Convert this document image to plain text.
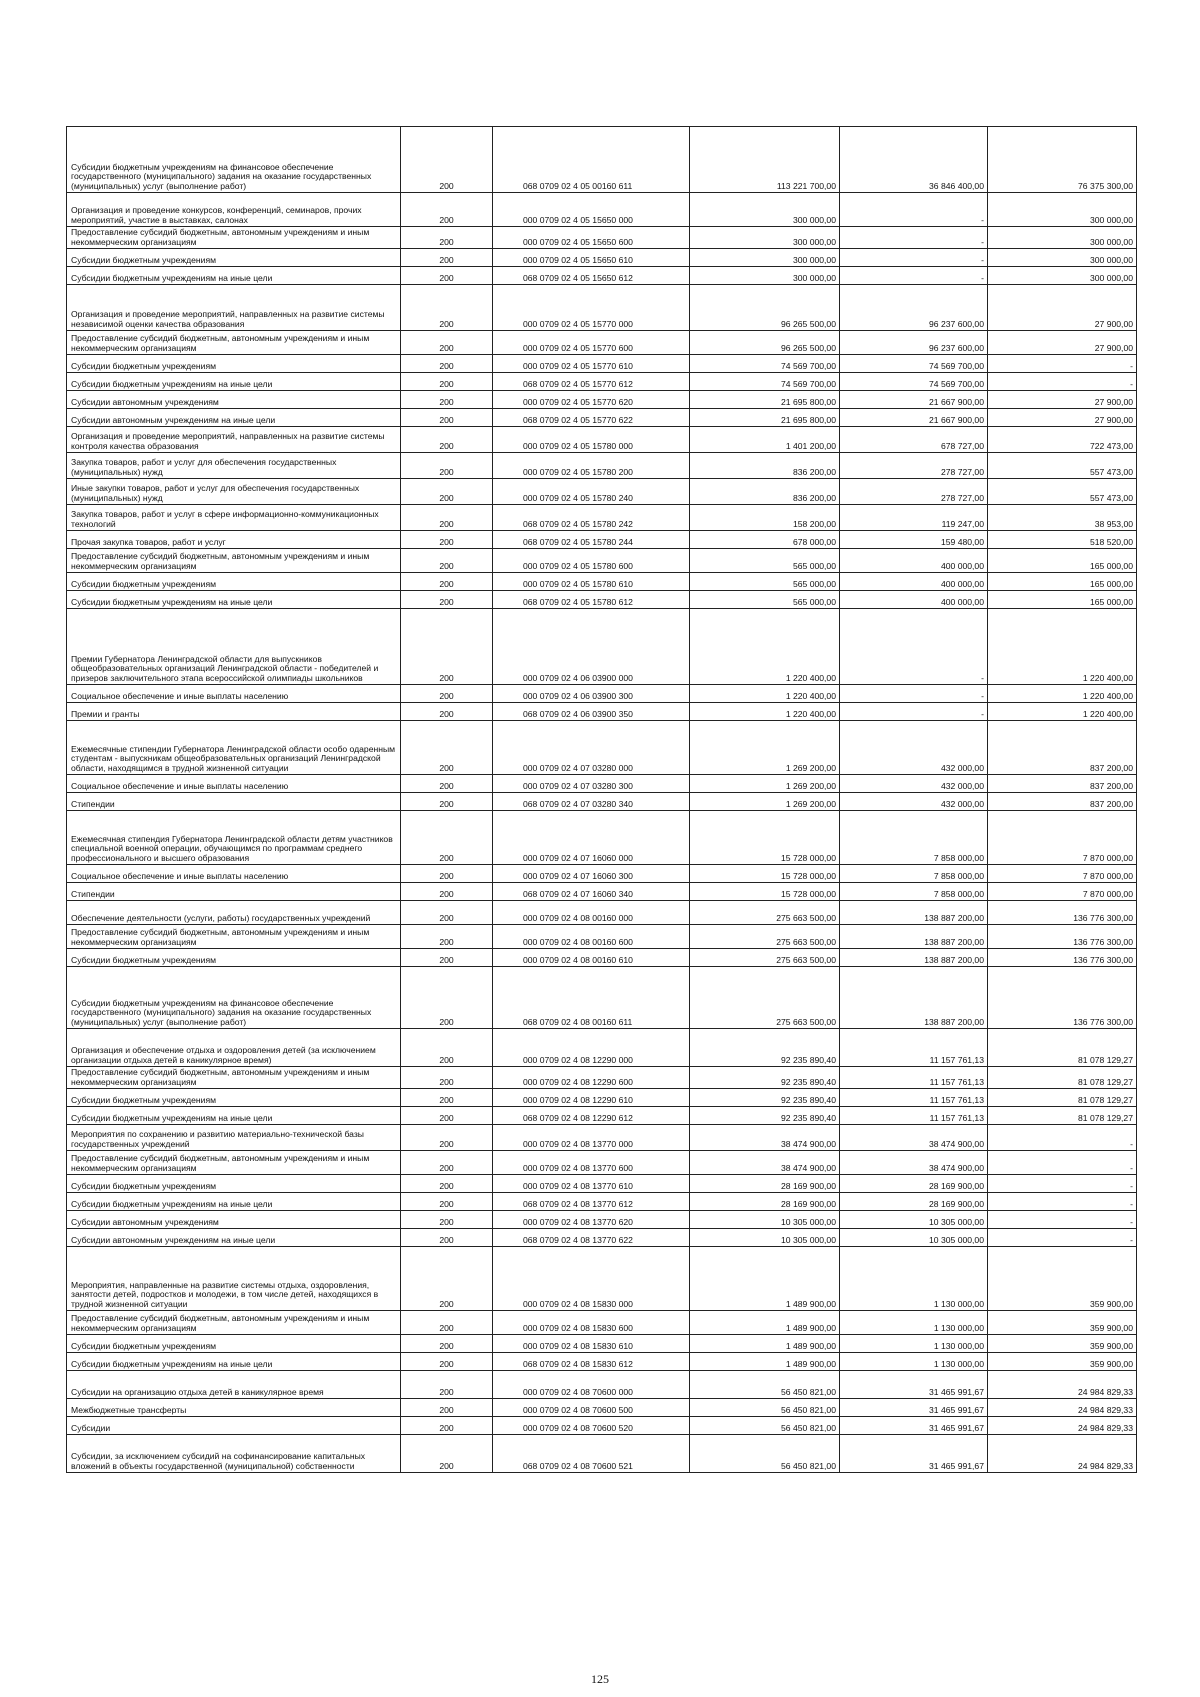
Субсидии бюджетным учреждениям на финансовое обеспечение государственного (муниципального) задания на оказание государственных (муниципальных) услуг (выполнение работ)	200	068 0709 02 4 05 00160 611	113 221 700,00	36 846 400,00	76 375 300,00
Организация и проведение конкурсов, конференций, семинаров, прочих мероприятий, участие в выставках, салонах	200	000 0709 02 4 05 15650 000	300 000,00	-	300 000,00
Предоставление субсидий бюджетным, автономным учреждениям и иным некоммерческим организациям	200	000 0709 02 4 05 15650 600	300 000,00	-	300 000,00
Субсидии бюджетным учреждениям	200	000 0709 02 4 05 15650 610	300 000,00	-	300 000,00
Субсидии бюджетным учреждениям на иные цели	200	068 0709 02 4 05 15650 612	300 000,00	-	300 000,00
Организация и проведение мероприятий, направленных на развитие системы независимой оценки качества образования	200	000 0709 02 4 05 15770 000	96 265 500,00	96 237 600,00	27 900,00
Предоставление субсидий бюджетным, автономным учреждениям и иным некоммерческим организациям	200	000 0709 02 4 05 15770 600	96 265 500,00	96 237 600,00	27 900,00
Субсидии бюджетным учреждениям	200	000 0709 02 4 05 15770 610	74 569 700,00	74 569 700,00	-
Субсидии бюджетным учреждениям на иные цели	200	068 0709 02 4 05 15770 612	74 569 700,00	74 569 700,00	-
Субсидии автономным учреждениям	200	000 0709 02 4 05 15770 620	21 695 800,00	21 667 900,00	27 900,00
Субсидии автономным учреждениям на иные цели	200	068 0709 02 4 05 15770 622	21 695 800,00	21 667 900,00	27 900,00
Организация и проведение мероприятий, направленных на развитие системы контроля качества образования	200	000 0709 02 4 05 15780 000	1 401 200,00	678 727,00	722 473,00
Закупка товаров, работ и услуг для обеспечения государственных (муниципальных) нужд	200	000 0709 02 4 05 15780 200	836 200,00	278 727,00	557 473,00
Иные закупки товаров, работ и услуг для обеспечения государственных (муниципальных) нужд	200	000 0709 02 4 05 15780 240	836 200,00	278 727,00	557 473,00
Закупка товаров, работ и услуг в сфере информационно-коммуникационных технологий	200	068 0709 02 4 05 15780 242	158 200,00	119 247,00	38 953,00
Прочая закупка товаров, работ и услуг	200	068 0709 02 4 05 15780 244	678 000,00	159 480,00	518 520,00
Предоставление субсидий бюджетным, автономным учреждениям и иным некоммерческим организациям	200	000 0709 02 4 05 15780 600	565 000,00	400 000,00	165 000,00
Субсидии бюджетным учреждениям	200	000 0709 02 4 05 15780 610	565 000,00	400 000,00	165 000,00
Субсидии бюджетным учреждениям на иные цели	200	068 0709 02 4 05 15780 612	565 000,00	400 000,00	165 000,00
Премии Губернатора Ленинградской области для выпускников общеобразовательных организаций Ленинградской области - победителей и призеров заключительного этапа всероссийской олимпиады школьников	200	000 0709 02 4 06 03900 000	1 220 400,00	-	1 220 400,00
Социальное обеспечение и иные выплаты населению	200	000 0709 02 4 06 03900 300	1 220 400,00	-	1 220 400,00
Премии и гранты	200	068 0709 02 4 06 03900 350	1 220 400,00	-	1 220 400,00
Ежемесячные стипендии Губернатора Ленинградской области особо одаренным студентам - выпускникам общеобразовательных организаций Ленинградской области, находящимся в трудной жизненной ситуации	200	000 0709 02 4 07 03280 000	1 269 200,00	432 000,00	837 200,00
Социальное обеспечение и иные выплаты населению	200	000 0709 02 4 07 03280 300	1 269 200,00	432 000,00	837 200,00
Стипендии	200	068 0709 02 4 07 03280 340	1 269 200,00	432 000,00	837 200,00
Ежемесячная стипендия Губернатора Ленинградской области детям участников специальной военной операции, обучающимся по программам среднего профессионального и высшего образования	200	000 0709 02 4 07 16060 000	15 728 000,00	7 858 000,00	7 870 000,00
Социальное обеспечение и иные выплаты населению	200	000 0709 02 4 07 16060 300	15 728 000,00	7 858 000,00	7 870 000,00
Стипендии	200	068 0709 02 4 07 16060 340	15 728 000,00	7 858 000,00	7 870 000,00
Обеспечение деятельности (услуги, работы) государственных учреждений	200	000 0709 02 4 08 00160 000	275 663 500,00	138 887 200,00	136 776 300,00
Предоставление субсидий бюджетным, автономным учреждениям и иным некоммерческим организациям	200	000 0709 02 4 08 00160 600	275 663 500,00	138 887 200,00	136 776 300,00
Субсидии бюджетным учреждениям	200	000 0709 02 4 08 00160 610	275 663 500,00	138 887 200,00	136 776 300,00
Субсидии бюджетным учреждениям на финансовое обеспечение государственного (муниципального) задания на оказание государственных (муниципальных) услуг (выполнение работ)	200	068 0709 02 4 08 00160 611	275 663 500,00	138 887 200,00	136 776 300,00
Организация и обеспечение отдыха и оздоровления детей (за исключением организации отдыха детей в каникулярное время)	200	000 0709 02 4 08 12290 000	92 235 890,40	11 157 761,13	81 078 129,27
Предоставление субсидий бюджетным, автономным учреждениям и иным некоммерческим организациям	200	000 0709 02 4 08 12290 600	92 235 890,40	11 157 761,13	81 078 129,27
Субсидии бюджетным учреждениям	200	000 0709 02 4 08 12290 610	92 235 890,40	11 157 761,13	81 078 129,27
Субсидии бюджетным учреждениям на иные цели	200	068 0709 02 4 08 12290 612	92 235 890,40	11 157 761,13	81 078 129,27
Мероприятия по сохранению и развитию материально-технической базы государственных учреждений	200	000 0709 02 4 08 13770 000	38 474 900,00	38 474 900,00	-
Предоставление субсидий бюджетным, автономным учреждениям и иным некоммерческим организациям	200	000 0709 02 4 08 13770 600	38 474 900,00	38 474 900,00	-
Субсидии бюджетным учреждениям	200	000 0709 02 4 08 13770 610	28 169 900,00	28 169 900,00	-
Субсидии бюджетным учреждениям на иные цели	200	068 0709 02 4 08 13770 612	28 169 900,00	28 169 900,00	-
Субсидии автономным учреждениям	200	000 0709 02 4 08 13770 620	10 305 000,00	10 305 000,00	-
Субсидии автономным учреждениям на иные цели	200	068 0709 02 4 08 13770 622	10 305 000,00	10 305 000,00	-
Мероприятия, направленные на развитие системы отдыха, оздоровления, занятости детей, подростков и молодежи, в том числе детей, находящихся в трудной жизненной ситуации	200	000 0709 02 4 08 15830 000	1 489 900,00	1 130 000,00	359 900,00
Предоставление субсидий бюджетным, автономным учреждениям и иным некоммерческим организациям	200	000 0709 02 4 08 15830 600	1 489 900,00	1 130 000,00	359 900,00
Субсидии бюджетным учреждениям	200	000 0709 02 4 08 15830 610	1 489 900,00	1 130 000,00	359 900,00
Субсидии бюджетным учреждениям на иные цели	200	068 0709 02 4 08 15830 612	1 489 900,00	1 130 000,00	359 900,00
Субсидии на организацию отдыха детей в каникулярное время	200	000 0709 02 4 08 70600 000	56 450 821,00	31 465 991,67	24 984 829,33
Межбюджетные трансферты	200	000 0709 02 4 08 70600 500	56 450 821,00	31 465 991,67	24 984 829,33
Субсидии	200	000 0709 02 4 08 70600 520	56 450 821,00	31 465 991,67	24 984 829,33
Субсидии, за исключением субсидий на софинансирование капитальных вложений в объекты государственной (муниципальной) собственности	200	068 0709 02 4 08 70600 521	56 450 821,00	31 465 991,67	24 984 829,33
125
